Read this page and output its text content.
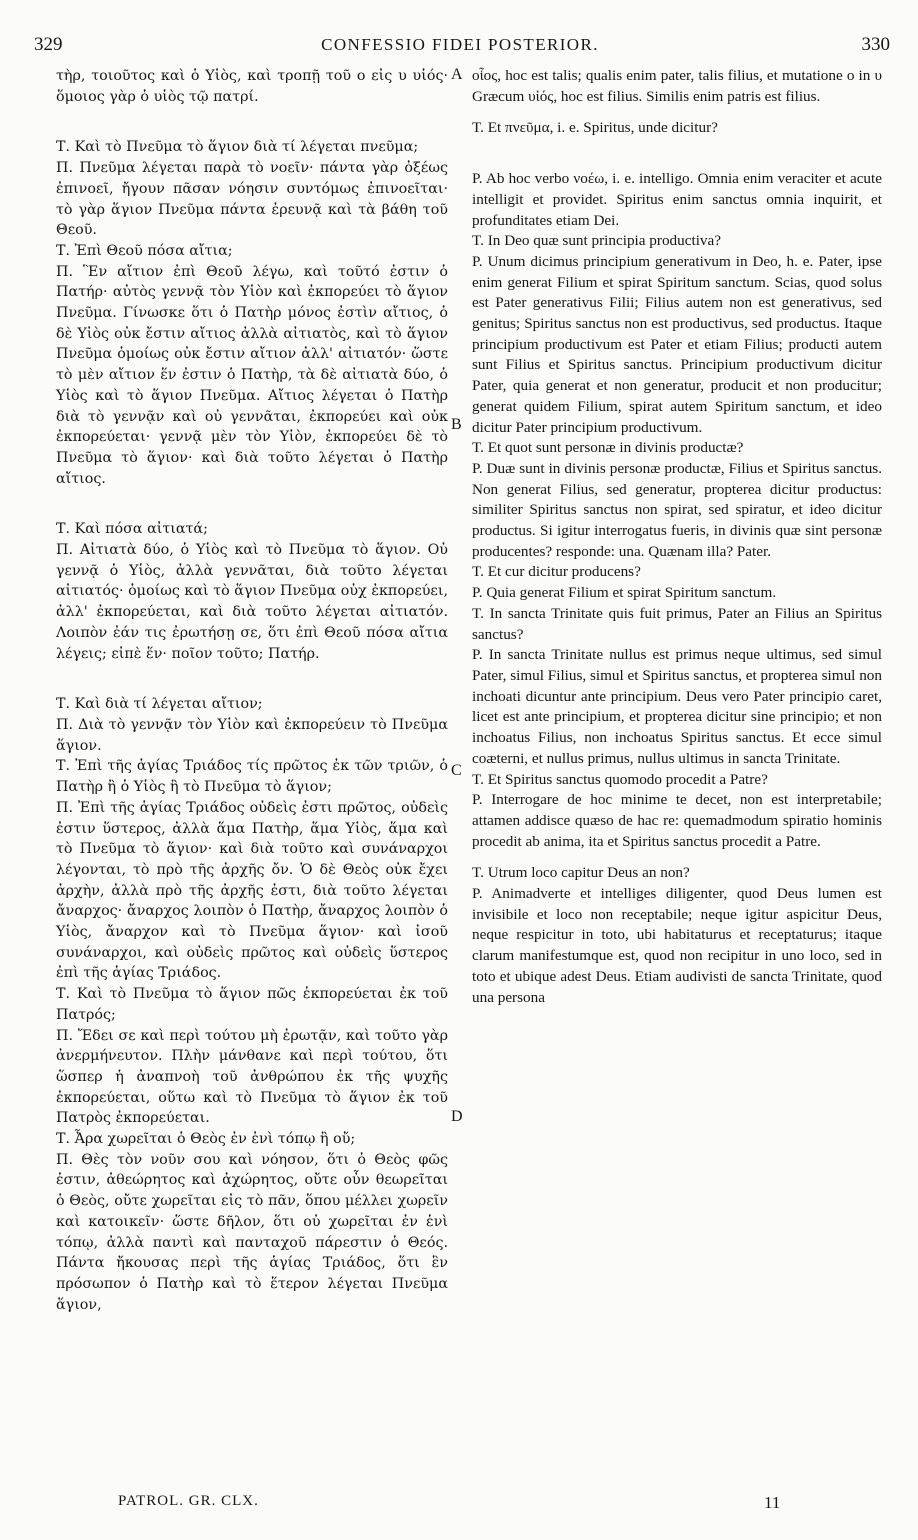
329	CONFESSIO FIDEI POSTERIOR.	330

τὴρ, τοιοῦτος καὶ ὁ Υἱὸς, καὶ τροπῇ τοῦ ο εἰς υ υἱός· ὅμοιος γὰρ ὁ υἱὸς τῷ πατρί.

Τ. Καὶ τὸ Πνεῦμα τὸ ἅγιον διὰ τί λέγεται πνεῦμα;

Π. Πνεῦμα λέγεται παρὰ τὸ νοεῖν· πάντα γὰρ ὀξέως ἐπινοεῖ, ἤγουν πᾶσαν νόησιν συντόμως ἐπινοεῖται· τὸ γὰρ ἅγιον Πνεῦμα πάντα ἐρευνᾷ καὶ τὰ βάθη τοῦ Θεοῦ.

Τ. Ἐπὶ Θεοῦ πόσα αἴτια;

Π. Ἓν αἴτιον ἐπὶ Θεοῦ λέγω, καὶ τοῦτό ἐστιν ὁ Πατήρ· αὐτὸς γεννᾷ τὸν Υἱὸν καὶ ἐκπορεύει τὸ ἅγιον Πνεῦμα. Γίνωσκε ὅτι ὁ Πατὴρ μόνος ἐστὶν αἴτιος, ὁ δὲ Υἱὸς οὐκ ἔστιν αἴτιος ἀλλὰ αἰτιατὸς, καὶ τὸ ἅγιον Πνεῦμα ὁμοίως οὐκ ἔστιν αἴτιον ἀλλ' αἰτιατόν· ὥστε τὸ μὲν αἴτιον ἕν ἐστιν ὁ Πατὴρ, τὰ δὲ αἰτιατὰ δύο, ὁ Υἱὸς καὶ τὸ ἅγιον Πνεῦμα. Αἴτιος λέγεται ὁ Πατὴρ διὰ τὸ γεννᾷν καὶ οὐ γεννᾶται, ἐκπορεύει καὶ οὐκ ἐκπορεύεται· γεννᾷ μὲν τὸν Υἱὸν, ἐκπορεύει δὲ τὸ Πνεῦμα τὸ ἅγιον· καὶ διὰ τοῦτο λέγεται ὁ Πατὴρ αἴτιος.

Τ. Καὶ πόσα αἰτιατά;

Π. Αἰτιατὰ δύο, ὁ Υἱὸς καὶ τὸ Πνεῦμα τὸ ἅγιον. Οὐ γεννᾷ ὁ Υἱὸς, ἀλλὰ γεννᾶται, διὰ τοῦτο λέγεται αἰτιατός· ὁμοίως καὶ τὸ ἅγιον Πνεῦμα οὐχ ἐκπορεύει, ἀλλ' ἐκπορεύεται, καὶ διὰ τοῦτο λέγεται αἰτιατόν. Λοιπὸν ἐάν τις ἐρωτήσῃ σε, ὅτι ἐπὶ Θεοῦ πόσα αἴτια λέγεις; εἰπὲ ἕν· ποῖον τοῦτο; Πατήρ.

Τ. Καὶ διὰ τί λέγεται αἴτιον;

Π. Διὰ τὸ γεννᾷν τὸν Υἱὸν καὶ ἐκπορεύειν τὸ Πνεῦμα ἅγιον.

Τ. Ἐπὶ τῆς ἁγίας Τριάδος τίς πρῶτος ἐκ τῶν τριῶν, ὁ Πατὴρ ἢ ὁ Υἱὸς ἢ τὸ Πνεῦμα τὸ ἅγιον;

Π. Ἐπὶ τῆς ἁγίας Τριάδος οὐδεὶς ἐστι πρῶτος, οὐδεὶς ἐστιν ὕστερος, ἀλλὰ ἅμα Πατὴρ, ἅμα Υἱὸς, ἅμα καὶ τὸ Πνεῦμα τὸ ἅγιον· καὶ διὰ τοῦτο καὶ συνάναρχοι λέγονται, τὸ πρὸ τῆς ἀρχῆς ὄν. Ὁ δὲ Θεὸς οὐκ ἔχει ἀρχὴν, ἀλλὰ πρὸ τῆς ἀρχῆς ἐστι, διὰ τοῦτο λέγεται ἄναρχος· ἄναρχος λοιπὸν ὁ Πατὴρ, ἄναρχος λοιπὸν ὁ Υἱὸς, ἄναρχον καὶ τὸ Πνεῦμα ἅγιον· καὶ ἰσοῦ συνάναρχοι, καὶ οὐδεὶς πρῶτος καὶ οὐδεὶς ὕστερος ἐπὶ τῆς ἁγίας Τριάδος.

Τ. Καὶ τὸ Πνεῦμα τὸ ἅγιον πῶς ἐκπορεύεται ἐκ τοῦ Πατρός;

Π. Ἔδει σε καὶ περὶ τούτου μὴ ἐρωτᾷν, καὶ τοῦτο γὰρ ἀνερμήνευτον. Πλὴν μάνθανε καὶ περὶ τούτου, ὅτι ὥσπερ ἡ ἀναπνοὴ τοῦ ἀνθρώπου ἐκ τῆς ψυχῆς ἐκπορεύεται, οὕτω καὶ τὸ Πνεῦμα τὸ ἅγιον ἐκ τοῦ Πατρὸς ἐκπορεύεται.

Τ. Ἆρα χωρεῖται ὁ Θεὸς ἐν ἑνὶ τόπῳ ἢ οὔ;

Π. Θὲς τὸν νοῦν σου καὶ νόησον, ὅτι ὁ Θεὸς φῶς ἐστιν, ἀθεώρητος καὶ ἀχώρητος, οὔτε οὖν θεωρεῖται ὁ Θεὸς, οὔτε χωρεῖται εἰς τὸ πᾶν, ὅπου μέλλει χωρεῖν καὶ κατοικεῖν· ὥστε δῆλον, ὅτι οὐ χωρεῖται ἐν ἑνὶ τόπῳ, ἀλλὰ παντὶ καὶ πανταχοῦ πάρεστιν ὁ Θεός. Πάντα ἤκουσας περὶ τῆς ἁγίας Τριάδος, ὅτι ἓν πρόσωπον ὁ Πατὴρ καὶ τὸ ἕτερον λέγεται Πνεῦμα ἅγιον,

οἷος, hoc est talis; qualis enim pater, talis filius, et mutatione o in υ Græcum υἱός, hoc est filius. Similis enim patris est filius.

T. Et πνεῦμα, i. e. Spiritus, unde dicitur?

P. Ab hoc verbo νοέω, i. e. intelligo. Omnia enim veraciter et acute intelligit et providet. Spiritus enim sanctus omnia inquirit, et profunditates etiam Dei.

T. In Deo quæ sunt principia productiva?

P. Unum dicimus principium generativum in Deo, h. e. Pater, ipse enim generat Filium et spirat Spiritum sanctum. Scias, quod solus est Pater generativus Filii; Filius autem non est generativus, sed genitus; Spiritus sanctus non est productivus, sed productus. Itaque principium productivum est Pater et etiam Filius; producti autem sunt Filius et Spiritus sanctus. Principium productivum dicitur Pater, quia generat et non generatur, producit et non producitur; generat quidem Filium, spirat autem Spiritum sanctum, et ideo dicitur Pater principium productivum.

T. Et quot sunt personæ in divinis productæ?

P. Duæ sunt in divinis personæ productæ, Filius et Spiritus sanctus. Non generat Filius, sed generatur, propterea dicitur productus: similiter Spiritus sanctus non spirat, sed spiratur, et ideo dicitur productus. Si igitur interrogatus fueris, in divinis quæ sint personæ producentes? responde: una. Quænam illa? Pater.

T. Et cur dicitur producens?

P. Quia generat Filium et spirat Spiritum sanctum.

T. In sancta Trinitate quis fuit primus, Pater an Filius an Spiritus sanctus?

P. In sancta Trinitate nullus est primus neque ultimus, sed simul Pater, simul Filius, simul et Spiritus sanctus, et propterea simul non inchoati dicuntur ante principium. Deus vero Pater principio caret, licet est ante principium, et propterea dicitur sine principio; et non inchoatus Filius, non inchoatus Spiritus sanctus. Et ecce simul coæterni, et nullus primus, nullus ultimus in sancta Trinitate.

T. Et Spiritus sanctus quomodo procedit a Patre?

P. Interrogare de hoc minime te decet, non est interpretabile; attamen addisce quæso de hac re: quemadmodum spiratio hominis procedit ab anima, ita et Spiritus sanctus procedit a Patre.

T. Utrum loco capitur Deus an non?

P. Animadverte et intelliges diligenter, quod Deus lumen est invisibile et loco non receptabile; neque igitur aspicitur Deus, neque respicitur in toto, ubi habitaturus et receptaturus; itaque clarum manifestumque est, quod non recipitur in uno loco, sed in toto et ubique adest Deus. Etiam audivisti de sancta Trinitate, quod una persona

A
B
C
D
PATROL. GR. CLX.	11
